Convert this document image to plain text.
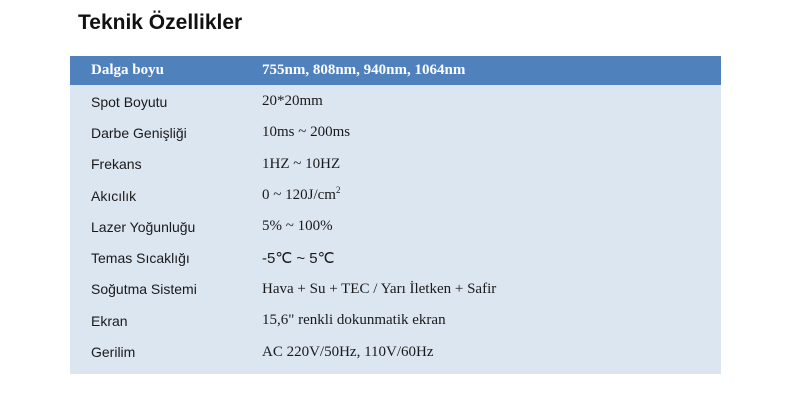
Teknik Özellikler
Dalga boyu	755nm, 808nm, 940nm, 1064nm
Spot Boyutu	20*20mm
Darbe Genişliği	10ms ~ 200ms
Frekans	1HZ ~ 10HZ
Akıcılık	0 ~ $120J/cm^2$
Lazer Yoğunluğu	5% ~ 100%
Temas Sıcaklığı	-5℃ ~ 5℃
Soğutma Sistemi	Hava + Su + TEC / Yarı İletken + Safir
Ekran	15,6" renkli dokunmatik ekran
Gerilim	AC 220V/50Hz, 110V/60Hz
